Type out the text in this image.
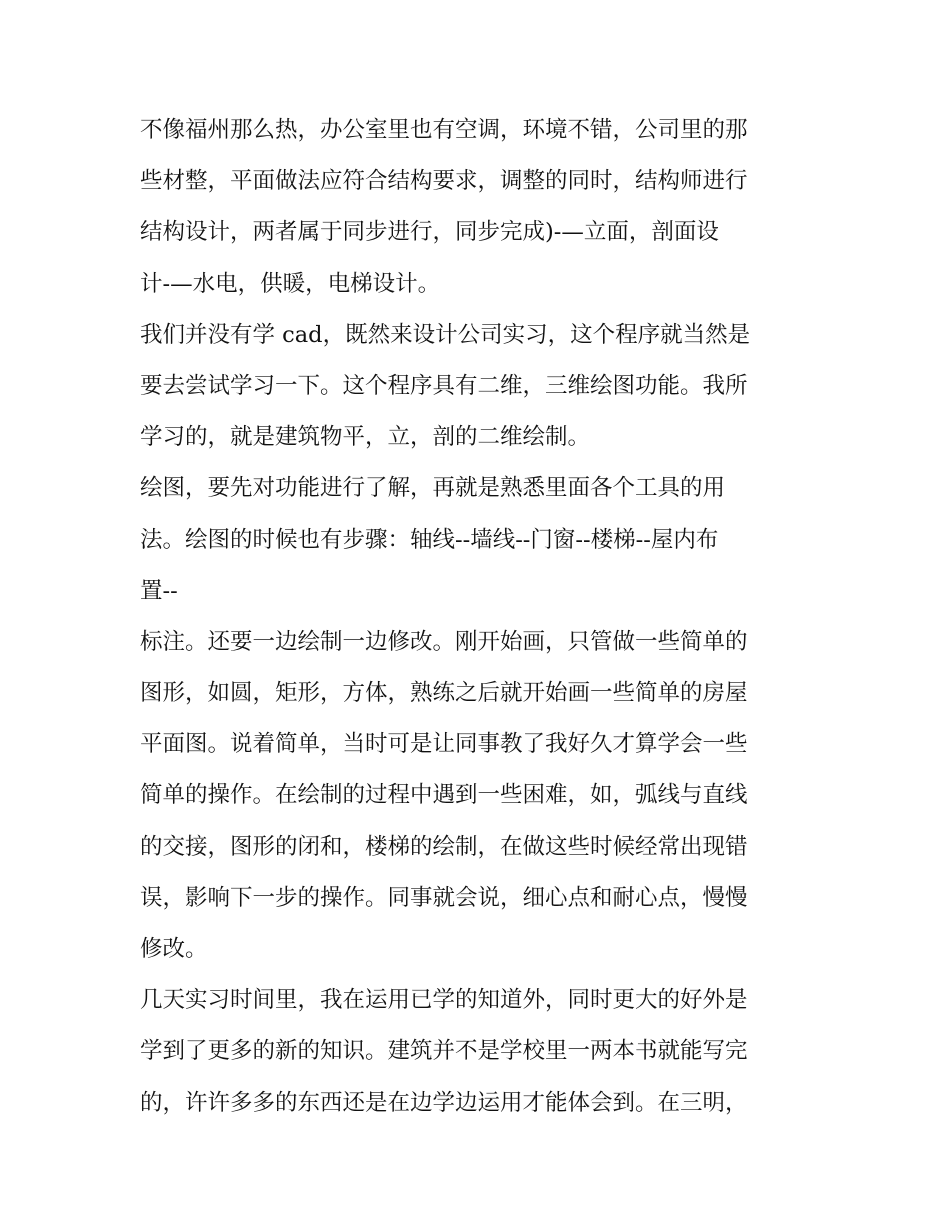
不像福州那么热，办公室里也有空调，环境不错，公司里的那
些材整，平面做法应符合结构要求，调整的同时，结构师进行
结构设计，两者属于同步进行，同步完成)-—立面，剖面设
计-—水电，供暖，电梯设计。
我们并没有学 cad，既然来设计公司实习，这个程序就当然是
要去尝试学习一下。这个程序具有二维，三维绘图功能。我所
学习的，就是建筑物平，立，剖的二维绘制。
绘图，要先对功能进行了解，再就是熟悉里面各个工具的用
法。绘图的时候也有步骤：轴线--墙线--门窗--楼梯--屋内布
置--
标注。还要一边绘制一边修改。刚开始画，只管做一些简单的
图形，如圆，矩形，方体，熟练之后就开始画一些简单的房屋
平面图。说着简单，当时可是让同事教了我好久才算学会一些
简单的操作。在绘制的过程中遇到一些困难，如，弧线与直线
的交接，图形的闭和，楼梯的绘制，在做这些时候经常出现错
误，影响下一步的操作。同事就会说，细心点和耐心点，慢慢
修改。
几天实习时间里，我在运用已学的知道外，同时更大的好外是
学到了更多的新的知识。建筑并不是学校里一两本书就能写完
的，许许多多的东西还是在边学边运用才能体会到。在三明，
